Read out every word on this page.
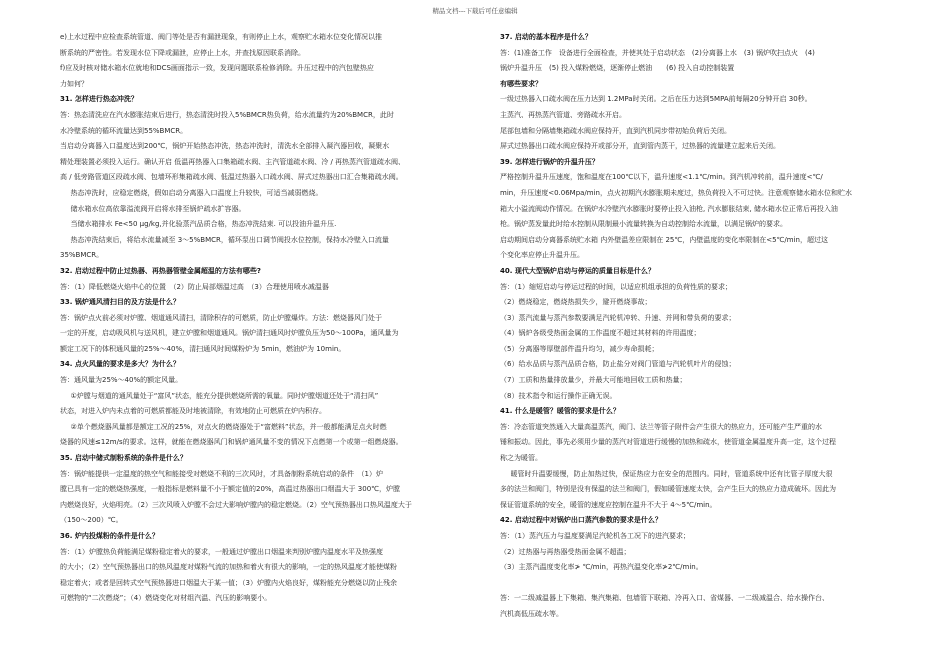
精品文档---下载后可任意编辑

e)上水过程中应检查系统管道、阀门等处是否有漏泄现象，有则停止上水，观察贮水箱水位变化情况以推

断系统的严密性。若发现水位下降或漏泄，应停止上水，并查找原因联系消除。

f)应及时核对储水箱水位就地和DCS画面指示一致，发现问题联系检修消除。升压过程中的汽包壁热应

力如何？

31. 怎样进行热态冲洗？

答：热态清洗应在汽水膨胀结束后进行，热态清洗时投入5%BMCR热负荷，给水流量约为20%BMCR，此时

水冷壁系统的循环流量达到55%BMCR。

当启动分离器入口温度达到200℃，锅炉开始热态冲洗，热态冲洗时，清洗水全部排入凝汽器回收，凝聚水

精处理装置必须投入运行。确认开启 低温再热器入口集箱疏水阀、主汽管道疏水阀、冷 / 再热蒸汽管道疏水阀、

高 / 低旁路管道区段疏水阀、包墙环形集箱疏水阀、低温过热器入口疏水阀、屏式过热器出口汇合集箱疏水阀。

热态冲洗时，应稳定燃烧，假如启动分离器入口温度上升较快，可适当减弱燃烧。

储水箱水位高依靠溢流阀开启将水排至锅炉疏水扩容器。

当储水箱排水 Fe<50 μg/kg,并化验蒸汽品质合格，热态冲洗结束. 可以投油升温升压.

热态冲洗结束后，将给水流量减至 3～5%BMCR，循环泵出口调节阀投水位控制，保持水冷壁入口流量

35%BMCR。

32. 启动过程中防止过热器、再热器管壁金属超温的方法有哪些?

答：（1）降低燃烧火焰中心的位置　（2）防止局部烟温过高　（3）合理使用喷水减温器

33. 锅炉通风清扫目的及方法是什么？

答：锅炉点火前必须对炉膛、烟道通风清扫，清除积存的可燃质，防止炉膛爆炸。方法：燃烧器风门处于

一定的开度，启动吸风机与送风机，建立炉膛和烟道通风。锅炉清扫通风时炉膛负压为50～100Pa，通风量为

额定工况下的体积通风量的25%～40%，清扫通风时间煤粉炉为 5min，燃油炉为 10min。

34. 点火风量的要求是多大？为什么？

答：通风量为25%～40%的额定风量。

①炉膛与烟道的通风量处于“富风”状态，能充分提供燃烧所需的氧量。同时炉膛烟道还处于“清扫风”

状态，对进入炉内未点着的可燃质都能及时地被清除，有效地防止可燃质在炉内积存。

②单个燃烧器风量都是额定工况的25%，对点火的燃烧器处于“富燃料”状态，并一般都能满足点火时燃

烧器的风速≤12m/s的要求。这样，就能在燃烧器风门和锅炉通风量不变的情况下点燃第一个或第一组燃烧器。

35. 启动中储式制粉系统的条件是什么？

答：锅炉能提供一定温度的热空气和能接受对燃烧不利的三次风时，才具备制粉系统启动的条件　（1）炉

膛已具有一定的燃烧热强度，一般指标是燃料量不小于额定值的20%，高温过热器出口烟温大于 300℃，炉膛

内燃烧良好，火焰明亮。（2）三次风喷入炉膛不会过大影响炉膛内的稳定燃烧。（2）空气预热器出口热风温度大于

（150～200）℃。

36. 炉内投煤粉的条件是什么？

答：（1）炉膛热负荷能满足煤粉稳定着火的要求，一般通过炉膛出口烟温来判别炉膛内温度水平及热强度

的大小；（2）空气预热器出口的热风温度对煤粉气流的加热和着火有很大的影响，一定的热风温度才能使煤粉

稳定着火；或者是回转式空气预热器进口烟温大于某一值；（3）炉膛内火焰良好，煤粉能充分燃烧以防止残余

可燃物的“二次燃烧”；（4）燃烧变化对材组汽温、汽压的影响要小。

37. 启动的基本程序是什么？

答：(1)准备工作　设备进行全面检查，并使其处于启动状态　(2)分离器上水　(3) 锅炉吹扫点火　(4)

锅炉升温升压　(5) 投入煤粉燃烧，逐渐停止燃油　　(6) 投入自动控制装置

有哪些要求？

一级过热器入口疏水阀在压力达到 1.2MPa时关闭。之后在压力达到5MPA前每隔20分钟开启 30秒。

主蒸汽、再热蒸汽管道、旁路疏水开启。

尾部包墙和分隔墙集箱疏水阀应保持开，直到汽机同步带初始负荷后关闭。

屏式过热器出口疏水阀应保持开或部分开，直到管内蒸干，过热器的流量建立起来后关闭。

39. 怎样进行锅炉的升温升压？

严格控制升温升压速度，饱和温度在100℃以下，温升速度<1.1℃/min。到汽机冲转前，温升速度<℃/

min，升压速度<0.06Mpa/min，点火初期汽水膨胀期未度过，热负荷投入不可过快。注意观察储水箱水位和贮水

箱大小溢流阀动作情况。在锅炉水冷壁汽水膨胀时要停止投入油枪, 汽水膨胀结束, 储水箱水位正常后再投入油

枪。锅炉蒸发量此时给水控制从限制最小流量转换为自动控制给水流量，以满足锅炉的要求。

启动期间启动分离器系统贮水箱 内外壁温差应限制在 25℃，内壁温度的变化率限制在<5℃/min，超过这

个变化率应停止升温升压。

40. 现代大型锅炉启动与停运的质量目标是什么？

答：（1）缩短启动与停运过程的时间，以适应机组承担的负荷性质的要求；

（2）燃烧稳定，燃烧热损失少，避开燃烧事故；

（3）蒸汽流量与蒸汽参数要满足汽轮机冲转、升速、并网和带负荷的要求；

（4）锅炉各级受热面金属的工作温度不超过其材料的许用温度；

（5）分离器等厚壁部件温升均匀，减少寿命损耗；

（6）给水品质与蒸汽品质合格，防止盐分对阀门管道与汽轮机叶片的侵蚀；

（7）工质和热量排放量少，并最大可能地回收工质和热量；

（8）技术指令和运行操作正确无误。

41. 什么是暖管？暖管的要求是什么？

答：冷态管道突然通入大量高温蒸汽，阀门、法兰等管子附件会产生很大的热应力，还可能产生严重的水

锤和振动。因此，事先必须用少量的蒸汽对管道进行缓慢的加热和疏水，使管道金属温度升高一定，这个过程

称之为暖管。

暖管时升温要缓慢，防止加热过快，保证热应力在安全的范围内。同时，管道系统中还有比管子厚度大很

多的法兰和阀门，特别是没有保温的法兰和阀门，假如暖管速度太快，会产生巨大的热应力造成破坏。因此为

保证管道系统的安全，暖管的速度应控制在温升不大于 4～5℃/min。

42. 启动过程中对锅炉出口蒸汽参数的要求是什么？

答：（1）蒸汽压力与温度要满足汽轮机各工况下的进汽要求；

（2）过热器与再热器受热面金属不超温；

（3）主蒸汽温度变化率≯ ℃/min，再热汽温变化率≯2℃/min。

答：一二级减温器上下集箱、集汽集箱、包墙管下联箱、冷再入口、省煤器、一二级减温合、给水操作台、

汽机高低压疏水等。
